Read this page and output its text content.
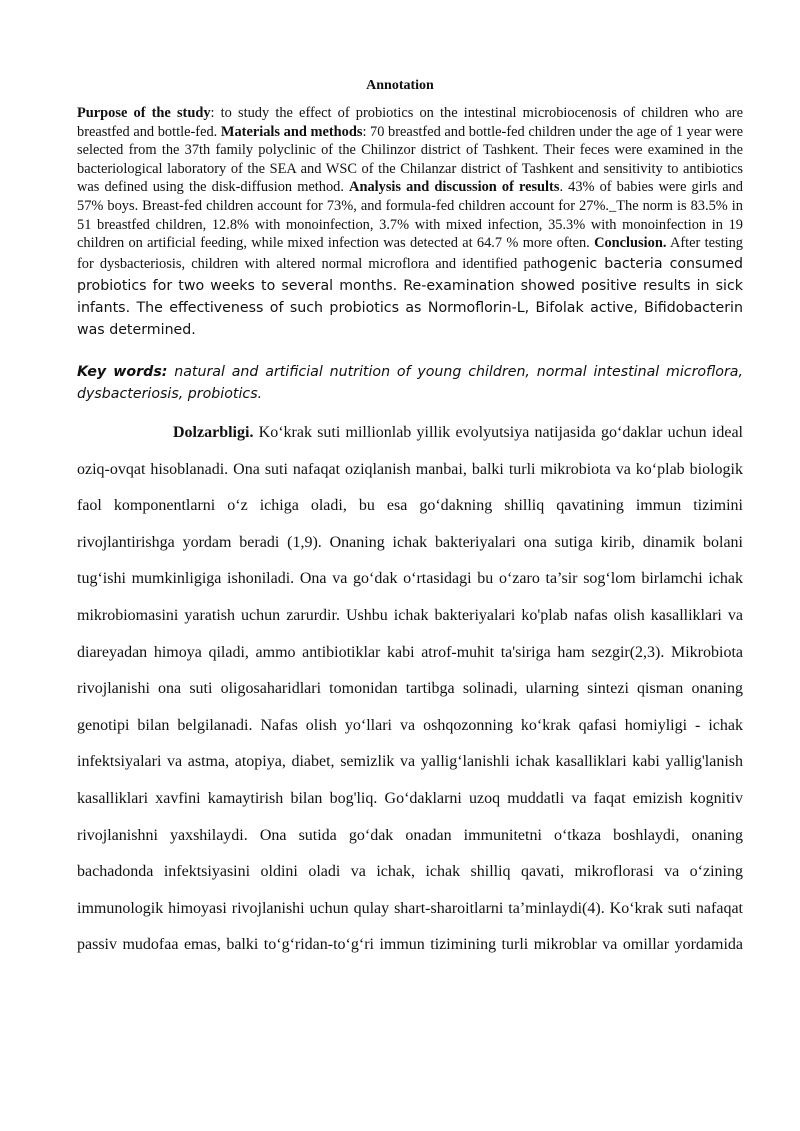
Annotation

Purpose of the study: to study the effect of probiotics on the intestinal microbiocenosis of children who are breastfed and bottle-fed. Materials and methods: 70 breastfed and bottle-fed children under the age of 1 year were selected from the 37th family polyclinic of the Chilinzor district of Tashkent. Their feces were examined in the bacteriological laboratory of the SEA and WSC of the Chilanzar district of Tashkent and sensitivity to antibiotics was defined using the disk-diffusion method. Analysis and discussion of results. 43% of babies were girls and 57% boys. Breast-fed children account for 73%, and formula-fed children account for 27%._The norm is 83.5% in 51 breastfed children, 12.8% with monoinfection, 3.7% with mixed infection, 35.3% with monoinfection in 19 children on artificial feeding, while mixed infection was detected at 64.7 % more often. Conclusion. After testing for dysbacteriosis, children with altered normal microflora and identified pathogenic bacteria consumed probiotics for two weeks to several months. Re-examination showed positive results in sick infants. The effectiveness of such probiotics as Normoflorin-L, Bifolak active, Bifidobacterin was determined.

Key words: natural and artificial nutrition of young children, normal intestinal microflora, dysbacteriosis, probiotics.

Dolzarbligi. Ko‘krak suti millionlab yillik evolyutsiya natijasida go‘daklar uchun ideal oziq-ovqat hisoblanadi. Ona suti nafaqat oziqlanish manbai, balki turli mikrobiota va ko‘plab biologik faol komponentlarni o‘z ichiga oladi, bu esa go‘dakning shilliq qavatining immun tizimini rivojlantirishga yordam beradi (1,9). Onaning ichak bakteriyalari ona sutiga kirib, dinamik bolani tug‘ishi mumkinligiga ishoniladi. Ona va go‘dak o‘rtasidagi bu o‘zaro ta’sir sog‘lom birlamchi ichak mikrobiomasini yaratish uchun zarurdir. Ushbu ichak bakteriyalari ko'plab nafas olish kasalliklari va diareyadan himoya qiladi, ammo antibiotiklar kabi atrof-muhit ta'siriga ham sezgir(2,3). Mikrobiota rivojlanishi ona suti oligosaharidlari tomonidan tartibga solinadi, ularning sintezi qisman onaning genotipi bilan belgilanadi. Nafas olish yo‘llari va oshqozonning ko‘krak qafasi homiyligi - ichak infektsiyalari va astma, atopiya, diabet, semizlik va yallig‘lanishli ichak kasalliklari kabi yallig'lanish kasalliklari xavfini kamaytirish bilan bog'liq. Go‘daklarni uzoq muddatli va faqat emizish kognitiv rivojlanishni yaxshilaydi. Ona sutida go‘dak onadan immunitetni o‘tkaza boshlaydi, onaning bachadonda infektsiyasini oldini oladi va ichak, ichak shilliq qavati, mikroflorasi va o‘zining immunologik himoyasi rivojlanishi uchun qulay shart-sharoitlarni ta’minlaydi(4). Ko‘krak suti nafaqat passiv mudofaa emas, balki to‘g‘ridan-to‘g‘ri immun tizimining turli mikroblar va omillar yordamida
